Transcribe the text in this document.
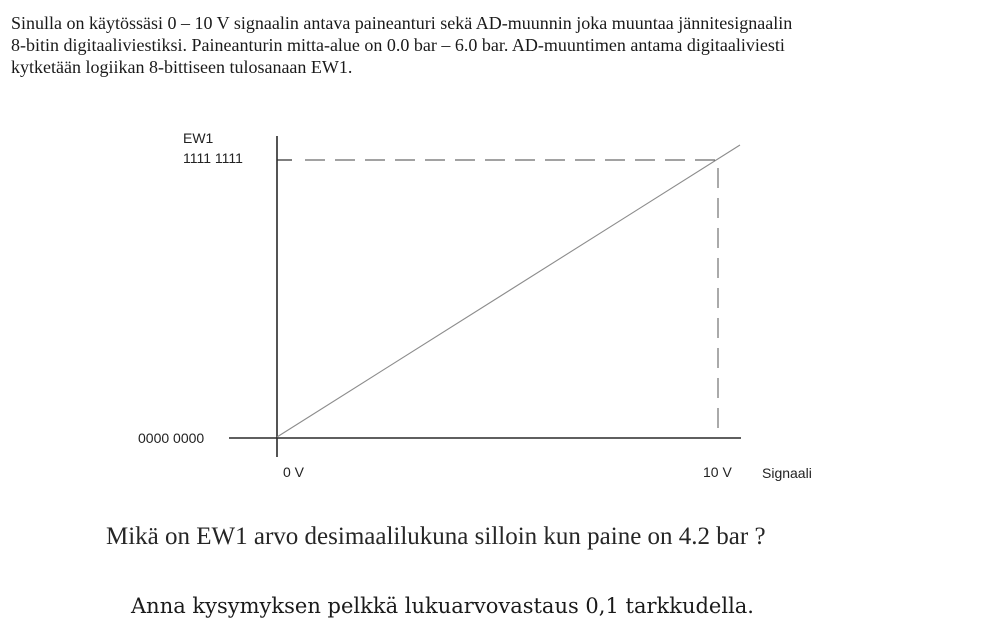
Sinulla on käytössäsi 0 – 10 V signaalin antava paineanturi sekä AD-muunnin joka muuntaa jännitesignaalin
8-bitin digitaaliviestiksi. Paineanturin mitta-alue on 0.0 bar – 6.0 bar. AD-muuntimen antama digitaaliviesti
kytketään logiikan 8-bittiseen tulosanaan EW1.
EW1
1111 1111
0000 0000
0 V	10 V Signaali

Mikä on EW1 arvo desimaalilukuna silloin kun paine on 4.2 bar ?

Anna kysymyksen pelkkä lukuarvovastaus 0,1 tarkkudella.
